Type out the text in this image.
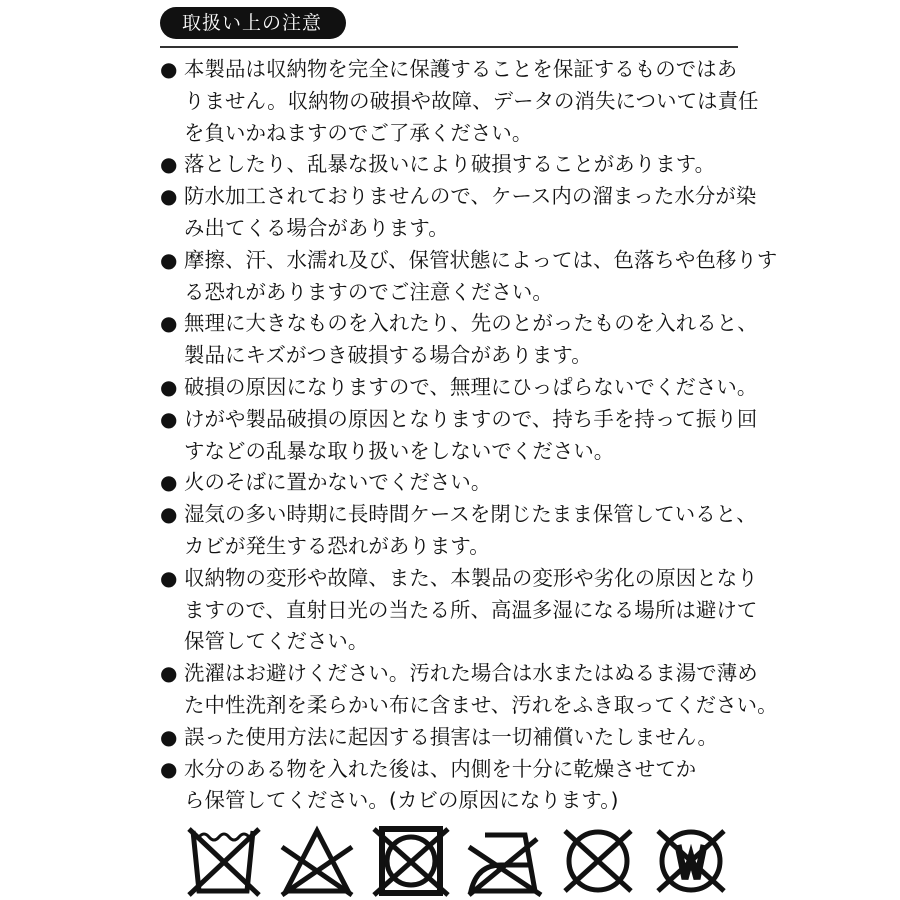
取扱い上の注意
● 本製品は収納物を完全に保護することを保証するものではあ
りません。収納物の破損や故障、データの消失については責任
を負いかねますのでご了承ください。
● 落としたり、乱暴な扱いにより破損することがあります。
● 防水加工されておりませんので、ケース内の溜まった水分が染
み出てくる場合があります。
● 摩擦、汗、水濡れ及び、保管状態によっては、色落ちや色移りす
る恐れがありますのでご注意ください。
● 無理に大きなものを入れたり、先のとがったものを入れると、
製品にキズがつき破損する場合があります。
● 破損の原因になりますので、無理にひっぱらないでください。
● けがや製品破損の原因となりますので、持ち手を持って振り回
すなどの乱暴な取り扱いをしないでください。
● 火のそばに置かないでください。
● 湿気の多い時期に長時間ケースを閉じたまま保管していると、
カビが発生する恐れがあります。
● 収納物の変形や故障、また、本製品の変形や劣化の原因となり
ますので、直射日光の当たる所、高温多湿になる場所は避けて
保管してください。
● 洗濯はお避けください。汚れた場合は水またはぬるま湯で薄め
た中性洗剤を柔らかい布に含ませ、汚れをふき取ってください。
● 誤った使用方法に起因する損害は一切補償いたしません。
● 水分のある物を入れた後は、内側を十分に乾燥させてか
ら保管してください。(カビの原因になります。)
